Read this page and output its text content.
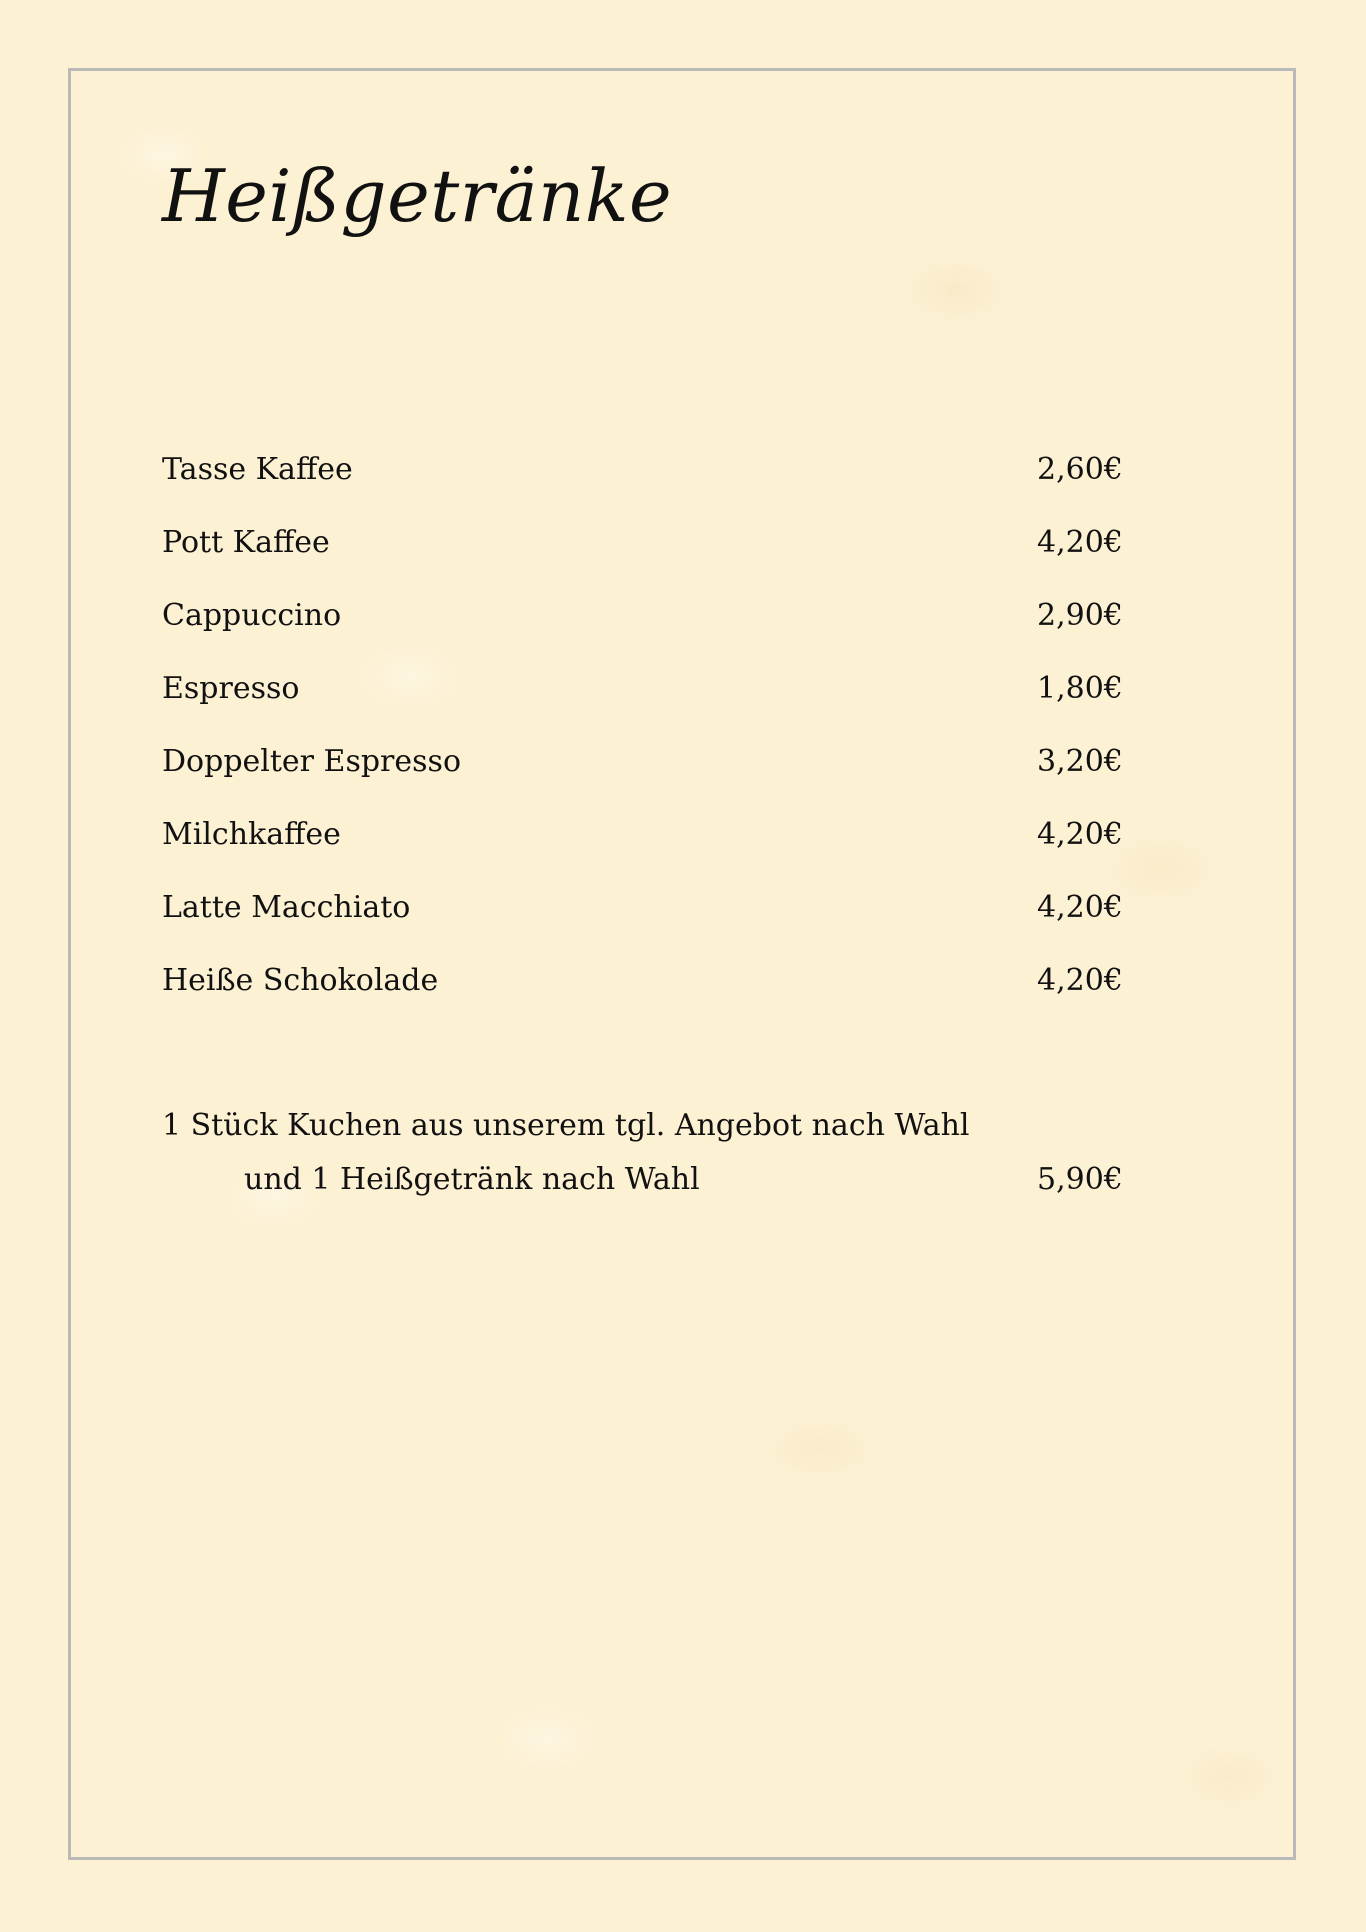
Heißgetränke
Tasse Kaffee	2,60€
Pott Kaffee	4,20€
Cappuccino	2,90€
Espresso	1,80€
Doppelter Espresso	3,20€
Milchkaffee	4,20€
Latte Macchiato	4,20€
Heiße Schokolade	4,20€
1 Stück Kuchen aus unserem tgl. Angebot nach Wahl
und 1 Heißgetränk nach Wahl	5,90€
